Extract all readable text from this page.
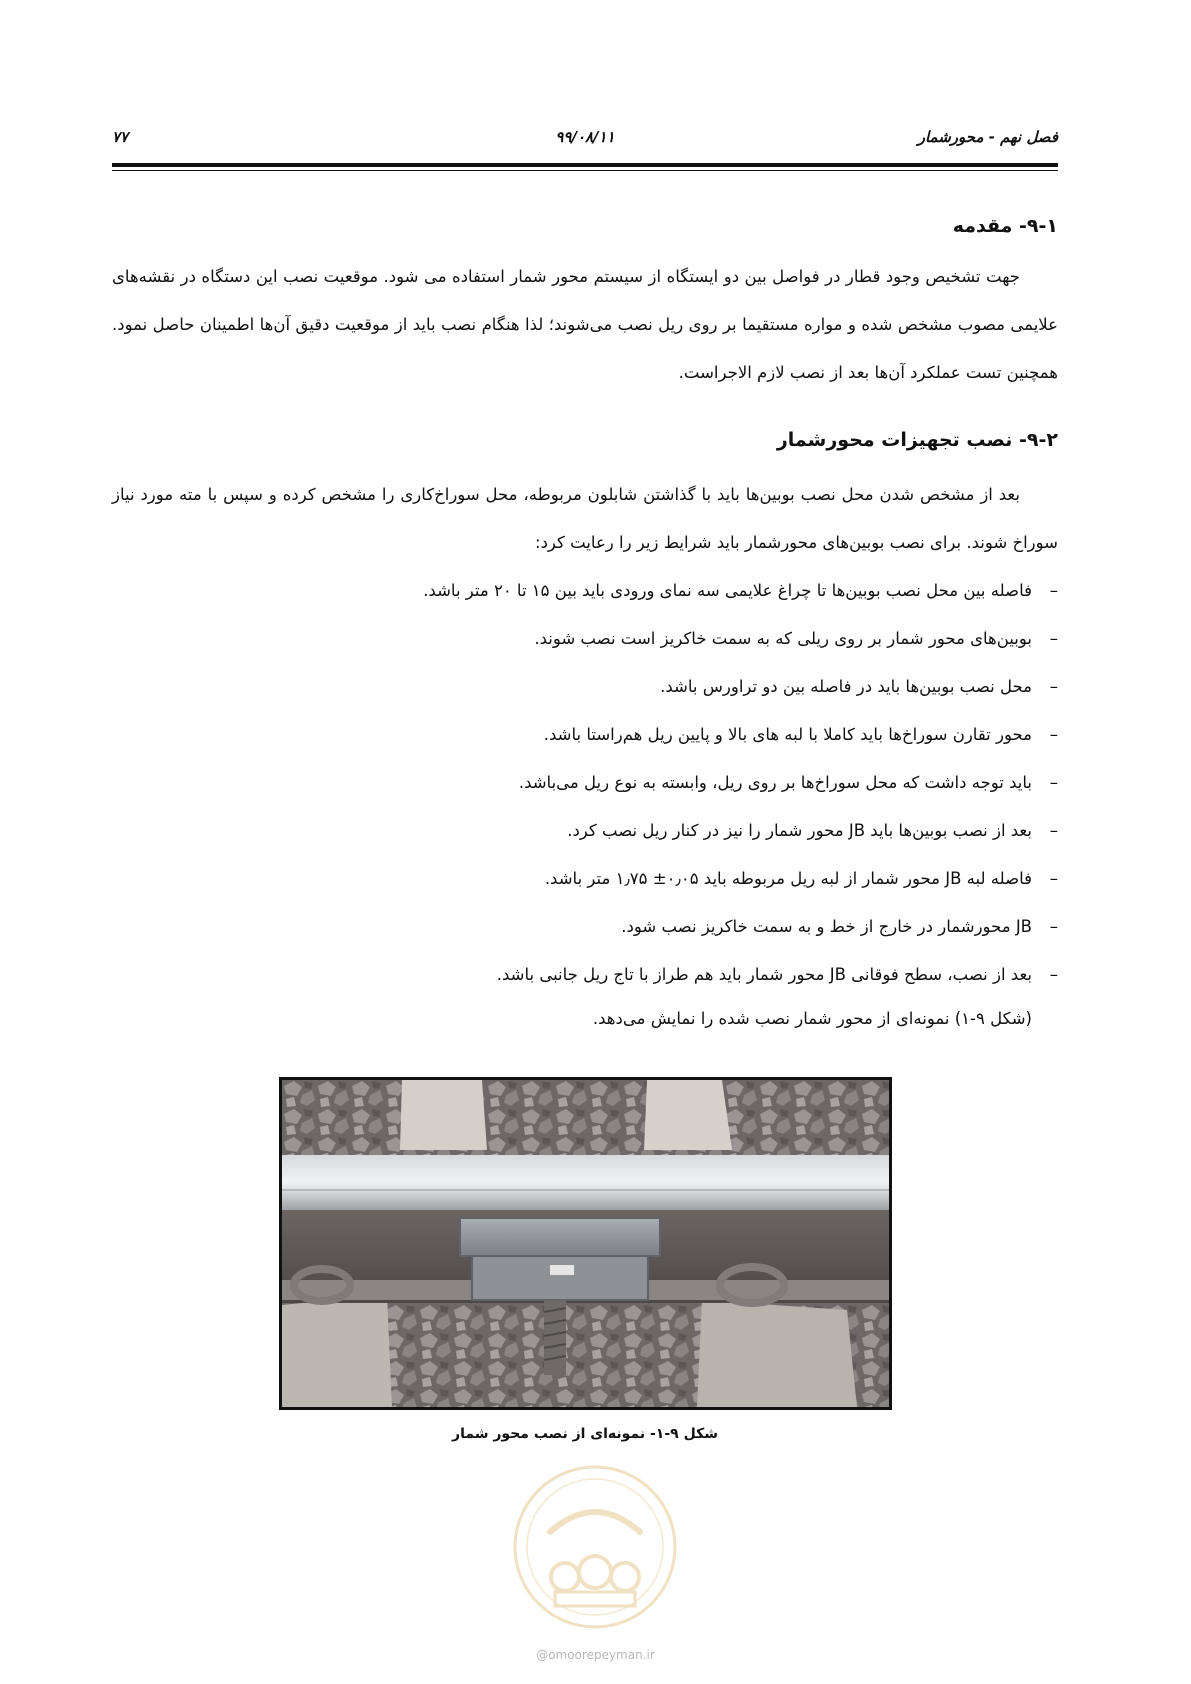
فصل نهم - محورشمار
۹۹/۰۸/۱۱
۷۷
۹-۱- مقدمه

جهت تشخیص وجود قطار در فواصل بین دو ایستگاه از سیستم محور شمار استفاده می شود. موقعیت نصب این دستگاه در نقشه‌های علایمی مصوب مشخص شده و مواره مستقیما بر روی ریل نصب می‌شوند؛ لذا هنگام نصب باید از موقعیت دقیق آن‌ها اطمینان حاصل نمود. همچنین تست عملکرد آن‌ها بعد از نصب لازم الاجراست.

۹-۲- نصب تجهیزات محورشمار

بعد از مشخص شدن محل نصب بوبین‌ها باید با گذاشتن شابلون مربوطه، محل سوراخ‌کاری را مشخص کرده و سپس با مته مورد نیاز سوراخ شوند. برای نصب بوبین‌های محورشمار باید شرایط زیر را رعایت کرد:

–
فاصله بین محل نصب بوبین‌ها تا چراغ علایمی سه نمای ورودی باید بین ۱۵ تا ۲۰ متر باشد.
–
بوبین‌های محور شمار بر روی ریلی که به سمت خاکریز است نصب شوند.
–
محل نصب بوبین‌ها باید در فاصله بین دو تراورس باشد.
–
محور تقارن سوراخ‌ها باید کاملا با لبه های بالا و پایین ریل هم‌راستا باشد.
–
باید توجه داشت که محل سوراخ‌ها بر روی ریل، وابسته به نوع ریل می‌باشد.
–
بعد از نصب بوبین‌ها باید JB محور شمار را نیز در کنار ریل نصب کرد.
–
فاصله لبه JB محور شمار از لبه ریل مربوطه باید ۰٫۰۵± ۱٫۷۵ متر باشد.
–
JB محورشمار در خارج از خط و به سمت خاکریز نصب شود.
–
بعد از نصب، سطح فوقانی JB محور شمار باید هم طراز با تاج ریل جانبی باشد.
(شکل ۹-۱) نمونه‌ای از محور شمار نصب شده را نمایش می‌دهد.
شکل ۹-۱- نمونه‌ای از نصب محور شمار
@omoorepeyman.ir
